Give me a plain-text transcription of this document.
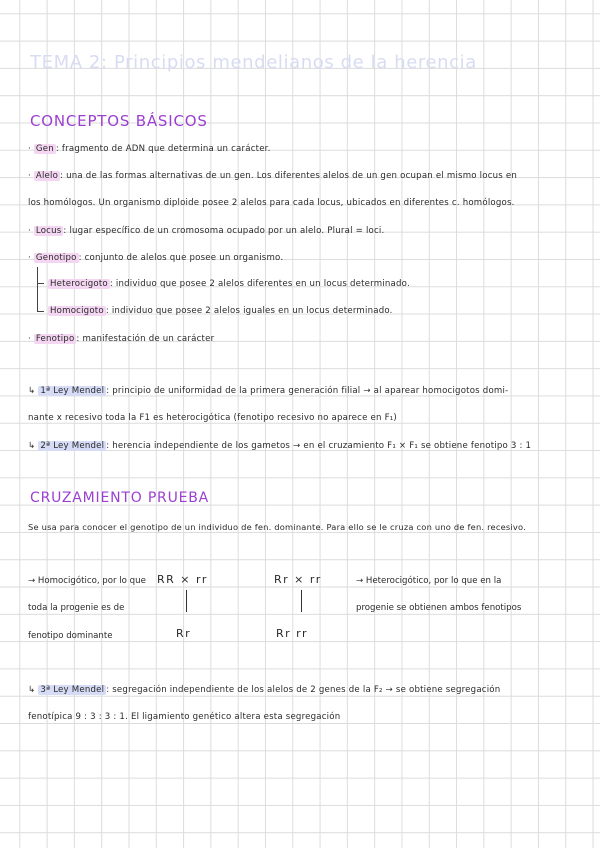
TEMA 2: Principios mendelianos de la herencia
CONCEPTOS BÁSICOS
· Gen : fragmento de ADN que determina un carácter.
· Alelo : una de las formas alternativas de un gen. Los diferentes alelos de un gen ocupan el mismo locus en
los homólogos. Un organismo diploide posee 2 alelos para cada locus, ubicados en diferentes c. homólogos.
· Locus : lugar específico de un cromosoma ocupado por un alelo. Plural = loci.
· Genotipo : conjunto de alelos que posee un organismo.
Heterocigoto : individuo que posee 2 alelos diferentes en un locus determinado.
Homocigoto : individuo que posee 2 alelos iguales en un locus determinado.
· Fenotipo : manifestación de un carácter
↳ 1ª Ley Mendel : principio de uniformidad de la primera generación filial → al aparear homocigotos domi-
nante x recesivo toda la F1 es heterocigótica (fenotipo recesivo no aparece en F₁)
↳ 2ª Ley Mendel : herencia independiente de los gametos → en el cruzamiento F₁ × F₁ se obtiene fenotipo 3 : 1
CRUZAMIENTO PRUEBA
Se usa para conocer el genotipo de un individuo de fen. dominante. Para ello se le cruza con uno de fen. recesivo.
→ Homocigótico, por lo que
toda la progenie es de
fenotipo dominante
RR × rr
Rr
Rr × rr
Rr rr
→ Heterocigótico, por lo que en la
progenie se obtienen ambos fenotipos
↳ 3ª Ley Mendel : segregación independiente de los alelos de 2 genes de la F₂ → se obtiene segregación
fenotípica 9 : 3 : 3 : 1. El ligamiento genético altera esta segregación
